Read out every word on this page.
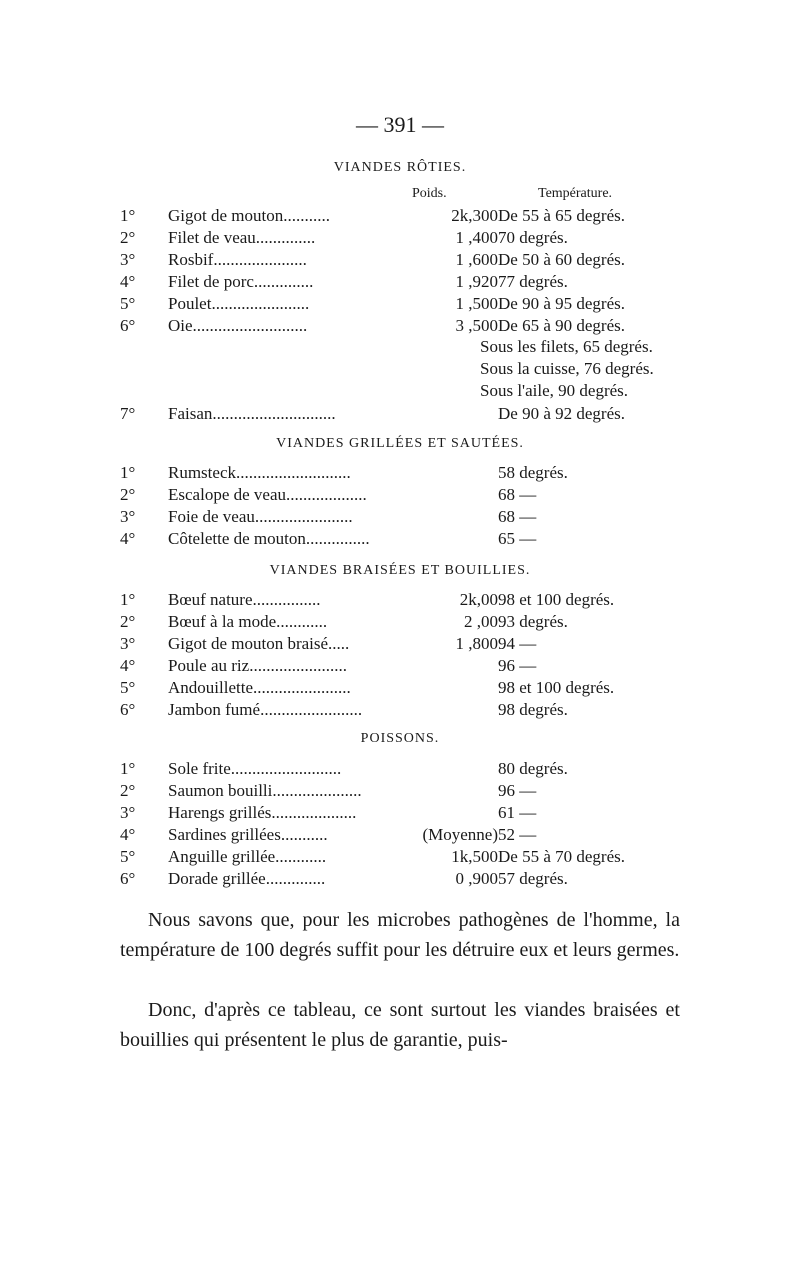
— 391 —
VIANDES RÔTIES.
Poids.	Température.
1°	Gigot de mouton...........	2k,300 De 55 à 65 degrés.
2°	Filet de veau..............	1 ,400 70 degrés.
3°	Rosbif......................	1 ,600 De 50 à 60 degrés.
4°	Filet de porc..............	1 ,920 77 degrés.
5°	Poulet.......................	1 ,500 De 90 à 95 degrés.
6°	Oie...........................	3 ,500 De 65 à 90 degrés.
Sous les filets, 65 degrés.
Sous la cuisse, 76 degrés.
Sous l'aile, 90 degrés.
7°	Faisan.............................	De 90 à 92 degrés.
VIANDES GRILLÉES ET SAUTÉES.
1°	Rumsteck...........................	58 degrés.
2°	Escalope de veau...................	68 —
3°	Foie de veau.......................	68 —
4°	Côtelette de mouton...............	65 —
VIANDES BRAISÉES ET BOUILLIES.
1°	Bœuf nature................	2k,00 98 et 100 degrés.
2°	Bœuf à la mode............	2 ,00 93 degrés.
3°	Gigot de mouton braisé.....	1 ,800 94 —
4°	Poule au riz.......................	96 —
5°	Andouillette.......................	98 et 100 degrés.
6°	Jambon fumé........................	98 degrés.
POISSONS.
1°	Sole frite..........................	80 degrés.
2°	Saumon bouilli.....................	96 —
3°	Harengs grillés....................	61 —
4°	Sardines grillées...........	(Moyenne) 52 —
5°	Anguille grillée............	1k,500 De 55 à 70 degrés.
6°	Dorade grillée..............	0 ,900 57 degrés.

Nous savons que, pour les microbes pathogènes de l'homme, la température de 100 degrés suffit pour les détruire eux et leurs germes.

Donc, d'après ce tableau, ce sont surtout les viandes braisées et bouillies qui présentent le plus de garantie, puis-
